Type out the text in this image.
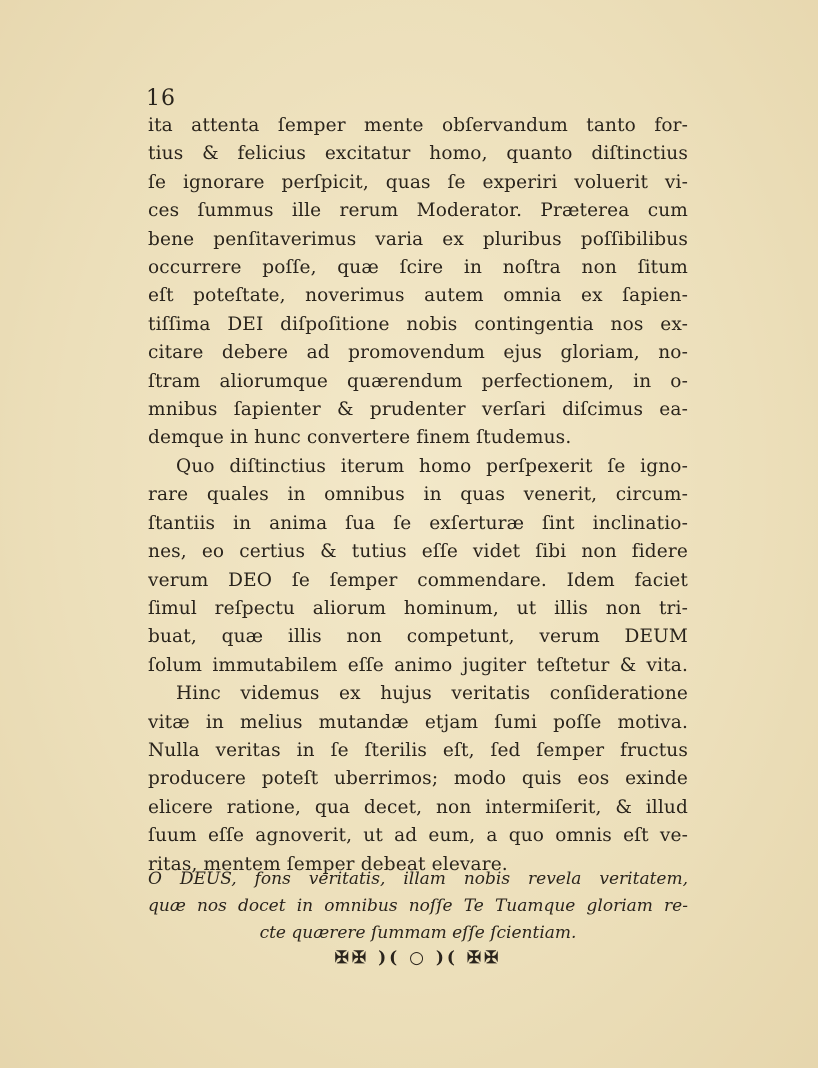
16
ita attenta ſemper mente obſervandum tanto for-
tius & felicius excitatur homo, quanto diſtinctius
ſe ignorare perſpicit, quas ſe experiri voluerit vi-
ces ſummus ille rerum Moderator. Præterea cum
bene penſitaverimus varia ex pluribus poſſibilibus
occurrere poſſe, quæ ſcire in noſtra non ſitum
eſt poteſtate, noverimus autem omnia ex ſapien-
tiſſima DEI diſpoſitione nobis contingentia nos ex-
citare debere ad promovendum ejus gloriam, no-
ſtram aliorumque quærendum perfectionem, in o-
mnibus ſapienter & prudenter verſari diſcimus ea-
demque in hunc convertere finem ſtudemus.
Quo diſtinctius iterum homo perſpexerit ſe igno-
rare quales in omnibus in quas venerit, circum-
ſtantiis in anima ſua ſe exſerturæ ſint inclinatio-
nes, eo certius & tutius eſſe videt ſibi non fidere
verum DEO ſe ſemper commendare. Idem faciet
ſimul reſpectu aliorum hominum, ut illis non tri-
buat, quæ illis non competunt, verum DEUM
ſolum immutabilem eſſe animo jugiter teſtetur & vita.
Hinc videmus ex hujus veritatis conſideratione
vitæ in melius mutandæ etjam ſumi poſſe motiva.
Nulla veritas in ſe ſterilis eſt, ſed ſemper fructus
producere poteſt uberrimos; modo quis eos exinde
elicere ratione, qua decet, non intermiſerit, & illud
ſuum eſſe agnoverit, ut ad eum, a quo omnis eſt ve-
ritas, mentem ſemper debeat elevare.
O DEUS, fons veritatis, illam nobis revela veritatem,
quæ nos docet in omnibus noſſe Te Tuamque gloriam re-
cte quærere ſummam eſſe ſcientiam.
✠✠ )( ○ )( ✠✠
